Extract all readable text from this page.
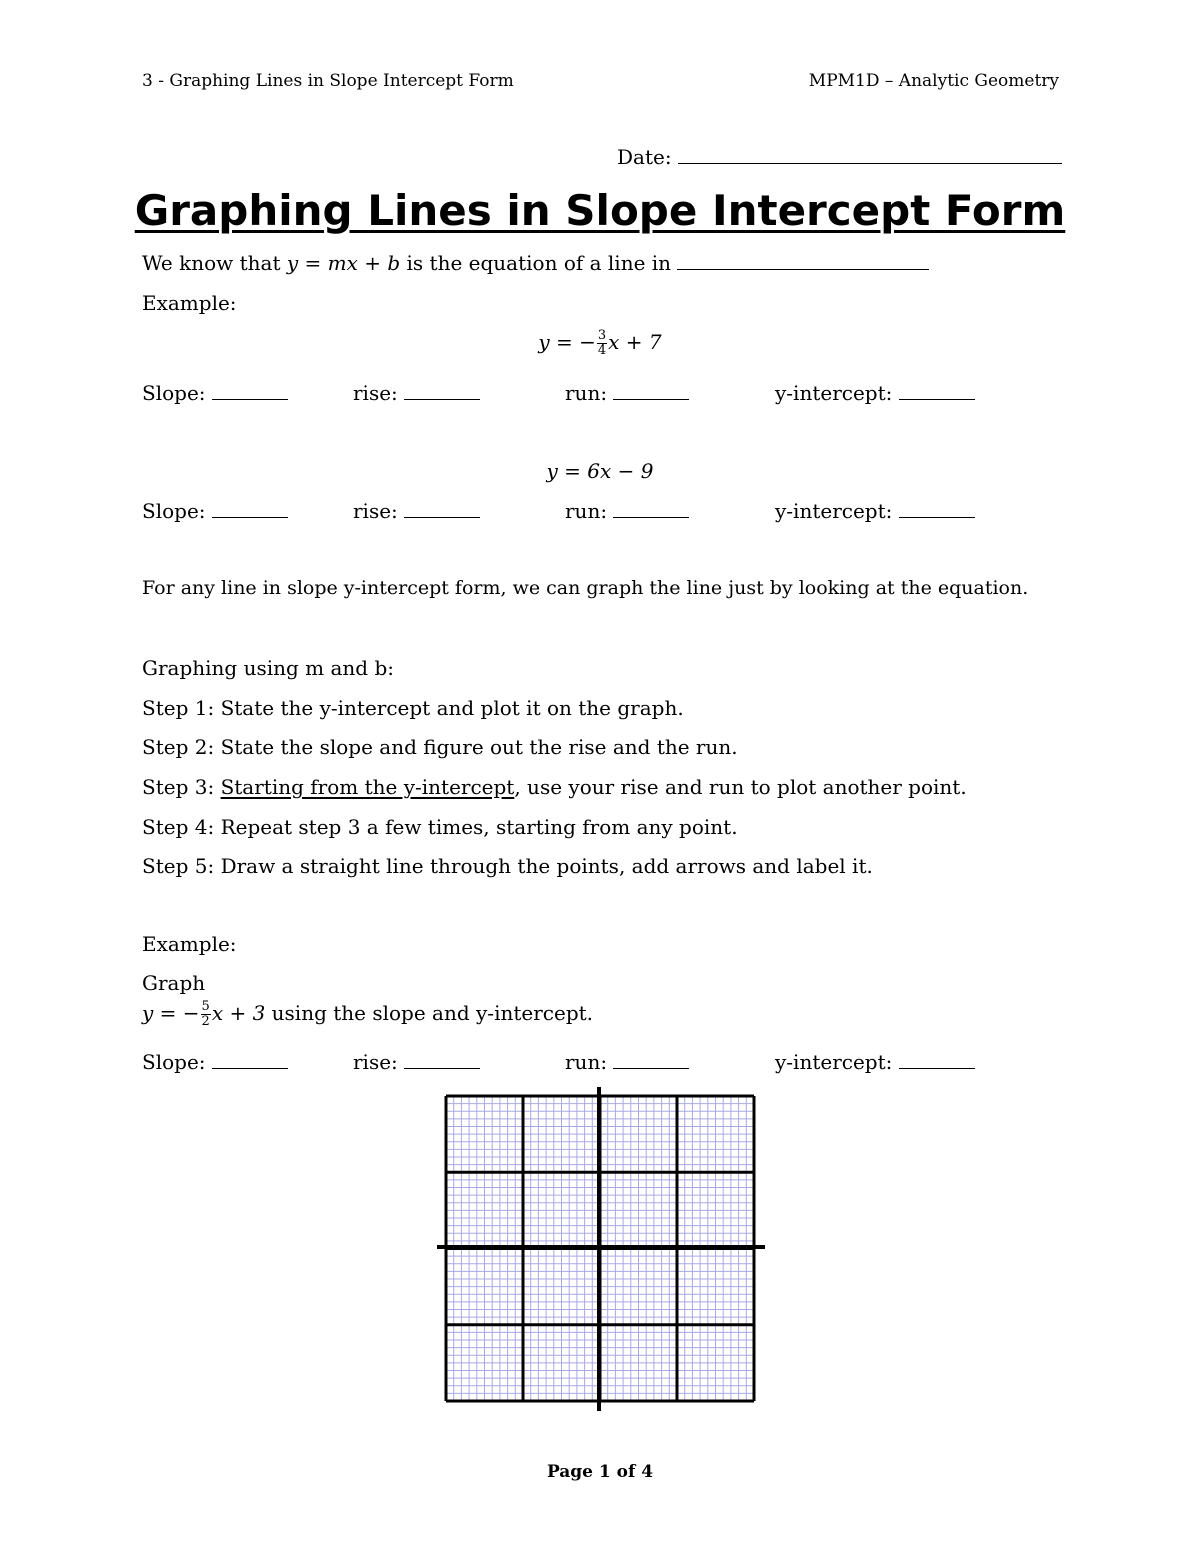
3 - Graphing Lines in Slope Intercept Form	MPM1D – Analytic Geometry
Date:
Graphing Lines in Slope Intercept Form
We know that y = mx + b is the equation of a line in
Example:
y = − $\frac{3}{4}$ x + 7
Slope:	rise:	run:	y-intercept:
y = 6x − 9
Slope:	rise:	run:	y-intercept:
For any line in slope y-intercept form, we can graph the line just by looking at the equation.
Graphing using m and b:
Step 1: State the y-intercept and plot it on the graph.
Step 2: State the slope and figure out the rise and the run.
Step 3: Starting from the y-intercept, use your rise and run to plot another point.
Step 4: Repeat step 3 a few times, starting from any point.
Step 5: Draw a straight line through the points, add arrows and label it.
Example:
Graph
y = − $\frac{5}{2}$ x + 3 using the slope and y-intercept.
Slope:	rise:	run:	y-intercept:
Page 1 of 4
